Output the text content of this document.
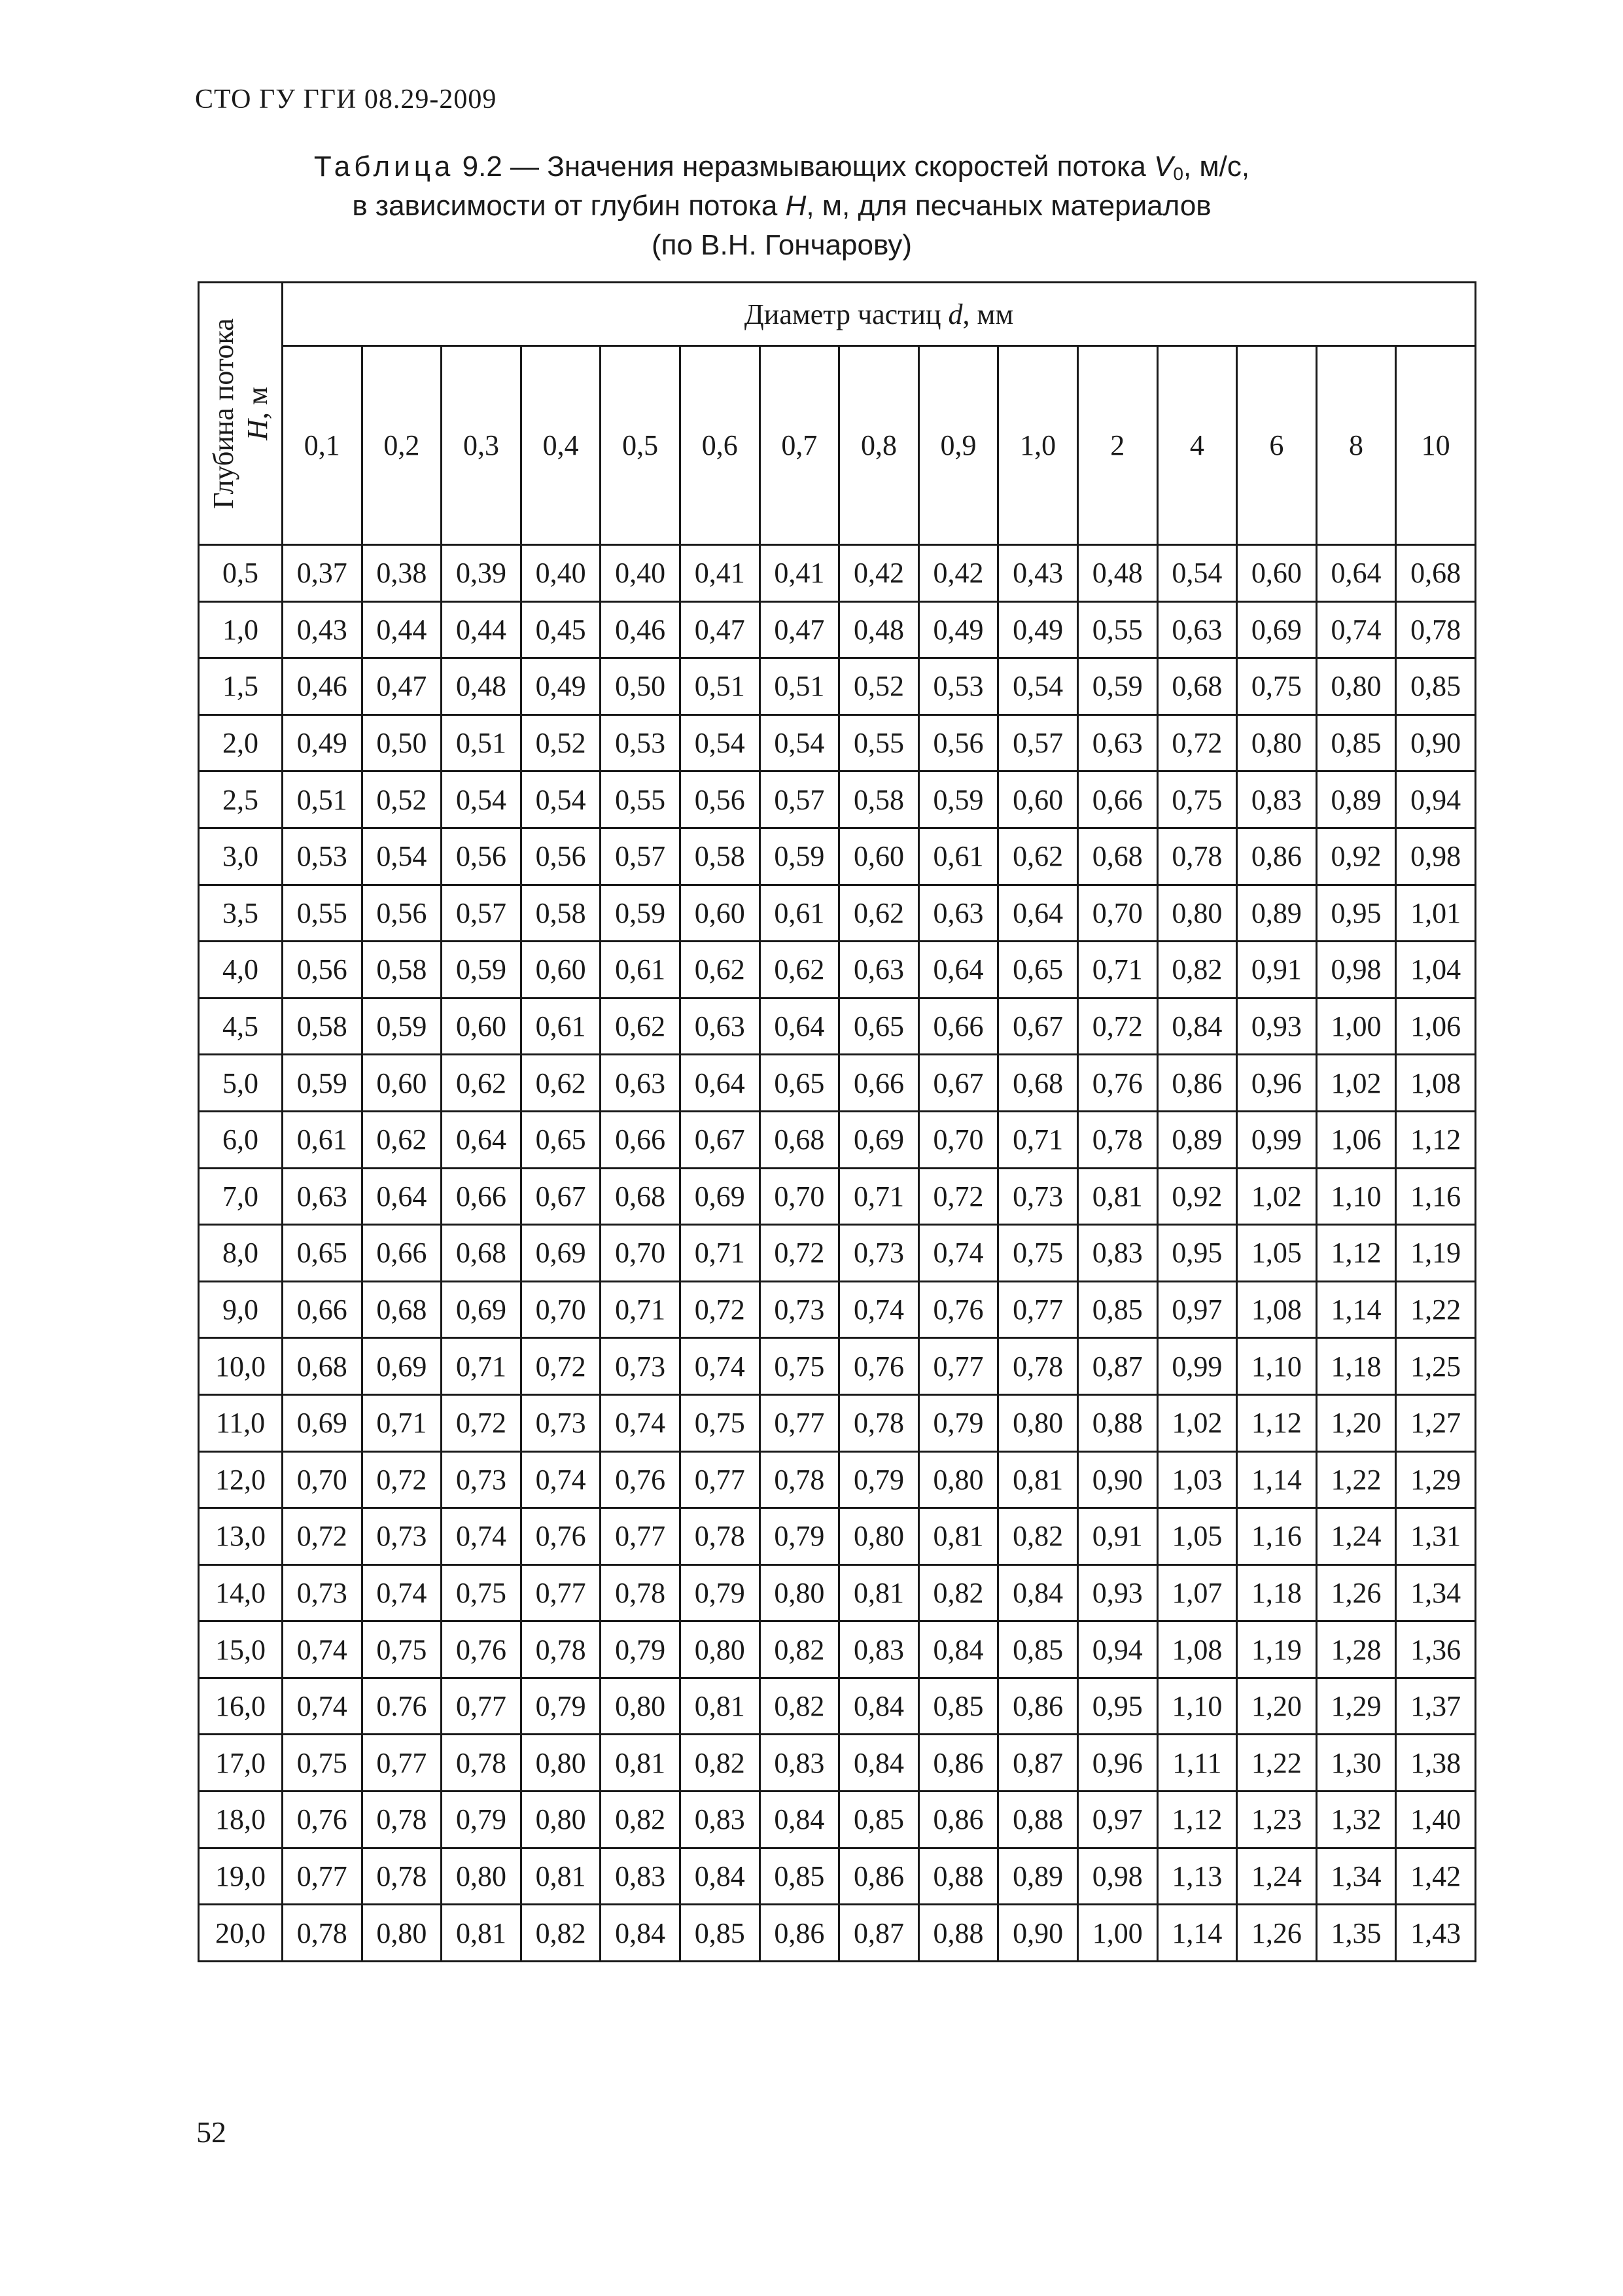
СТО ГУ ГГИ 08.29-2009
Таблица 9.2 — Значения неразмывающих скоростей потока $V_0$, м/с,
в зависимости от глубин потока H, м, для песчаных материалов
(по В.Н. Гончарову)
Глубина потока H, м	Диаметр частиц d, мм														
	0,1	0,2	0,3	0,4	0,5	0,6	0,7	0,8	0,9	1,0	2	4	6	8	10
0,5	0,37	0,38	0,39	0,40	0,40	0,41	0,41	0,42	0,42	0,43	0,48	0,54	0,60	0,64	0,68
1,0	0,43	0,44	0,44	0,45	0,46	0,47	0,47	0,48	0,49	0,49	0,55	0,63	0,69	0,74	0,78
1,5	0,46	0,47	0,48	0,49	0,50	0,51	0,51	0,52	0,53	0,54	0,59	0,68	0,75	0,80	0,85
2,0	0,49	0,50	0,51	0,52	0,53	0,54	0,54	0,55	0,56	0,57	0,63	0,72	0,80	0,85	0,90
2,5	0,51	0,52	0,54	0,54	0,55	0,56	0,57	0,58	0,59	0,60	0,66	0,75	0,83	0,89	0,94
3,0	0,53	0,54	0,56	0,56	0,57	0,58	0,59	0,60	0,61	0,62	0,68	0,78	0,86	0,92	0,98
3,5	0,55	0,56	0,57	0,58	0,59	0,60	0,61	0,62	0,63	0,64	0,70	0,80	0,89	0,95	1,01
4,0	0,56	0,58	0,59	0,60	0,61	0,62	0,62	0,63	0,64	0,65	0,71	0,82	0,91	0,98	1,04
4,5	0,58	0,59	0,60	0,61	0,62	0,63	0,64	0,65	0,66	0,67	0,72	0,84	0,93	1,00	1,06
5,0	0,59	0,60	0,62	0,62	0,63	0,64	0,65	0,66	0,67	0,68	0,76	0,86	0,96	1,02	1,08
6,0	0,61	0,62	0,64	0,65	0,66	0,67	0,68	0,69	0,70	0,71	0,78	0,89	0,99	1,06	1,12
7,0	0,63	0,64	0,66	0,67	0,68	0,69	0,70	0,71	0,72	0,73	0,81	0,92	1,02	1,10	1,16
8,0	0,65	0,66	0,68	0,69	0,70	0,71	0,72	0,73	0,74	0,75	0,83	0,95	1,05	1,12	1,19
9,0	0,66	0,68	0,69	0,70	0,71	0,72	0,73	0,74	0,76	0,77	0,85	0,97	1,08	1,14	1,22
10,0	0,68	0,69	0,71	0,72	0,73	0,74	0,75	0,76	0,77	0,78	0,87	0,99	1,10	1,18	1,25
11,0	0,69	0,71	0,72	0,73	0,74	0,75	0,77	0,78	0,79	0,80	0,88	1,02	1,12	1,20	1,27
12,0	0,70	0,72	0,73	0,74	0,76	0,77	0,78	0,79	0,80	0,81	0,90	1,03	1,14	1,22	1,29
13,0	0,72	0,73	0,74	0,76	0,77	0,78	0,79	0,80	0,81	0,82	0,91	1,05	1,16	1,24	1,31
14,0	0,73	0,74	0,75	0,77	0,78	0,79	0,80	0,81	0,82	0,84	0,93	1,07	1,18	1,26	1,34
15,0	0,74	0,75	0,76	0,78	0,79	0,80	0,82	0,83	0,84	0,85	0,94	1,08	1,19	1,28	1,36
16,0	0,74	0.76	0,77	0,79	0,80	0,81	0,82	0,84	0,85	0,86	0,95	1,10	1,20	1,29	1,37
17,0	0,75	0,77	0,78	0,80	0,81	0,82	0,83	0,84	0,86	0,87	0,96	1,11	1,22	1,30	1,38
18,0	0,76	0,78	0,79	0,80	0,82	0,83	0,84	0,85	0,86	0,88	0,97	1,12	1,23	1,32	1,40
19,0	0,77	0,78	0,80	0,81	0,83	0,84	0,85	0,86	0,88	0,89	0,98	1,13	1,24	1,34	1,42
20,0	0,78	0,80	0,81	0,82	0,84	0,85	0,86	0,87	0,88	0,90	1,00	1,14	1,26	1,35	1,43
52
